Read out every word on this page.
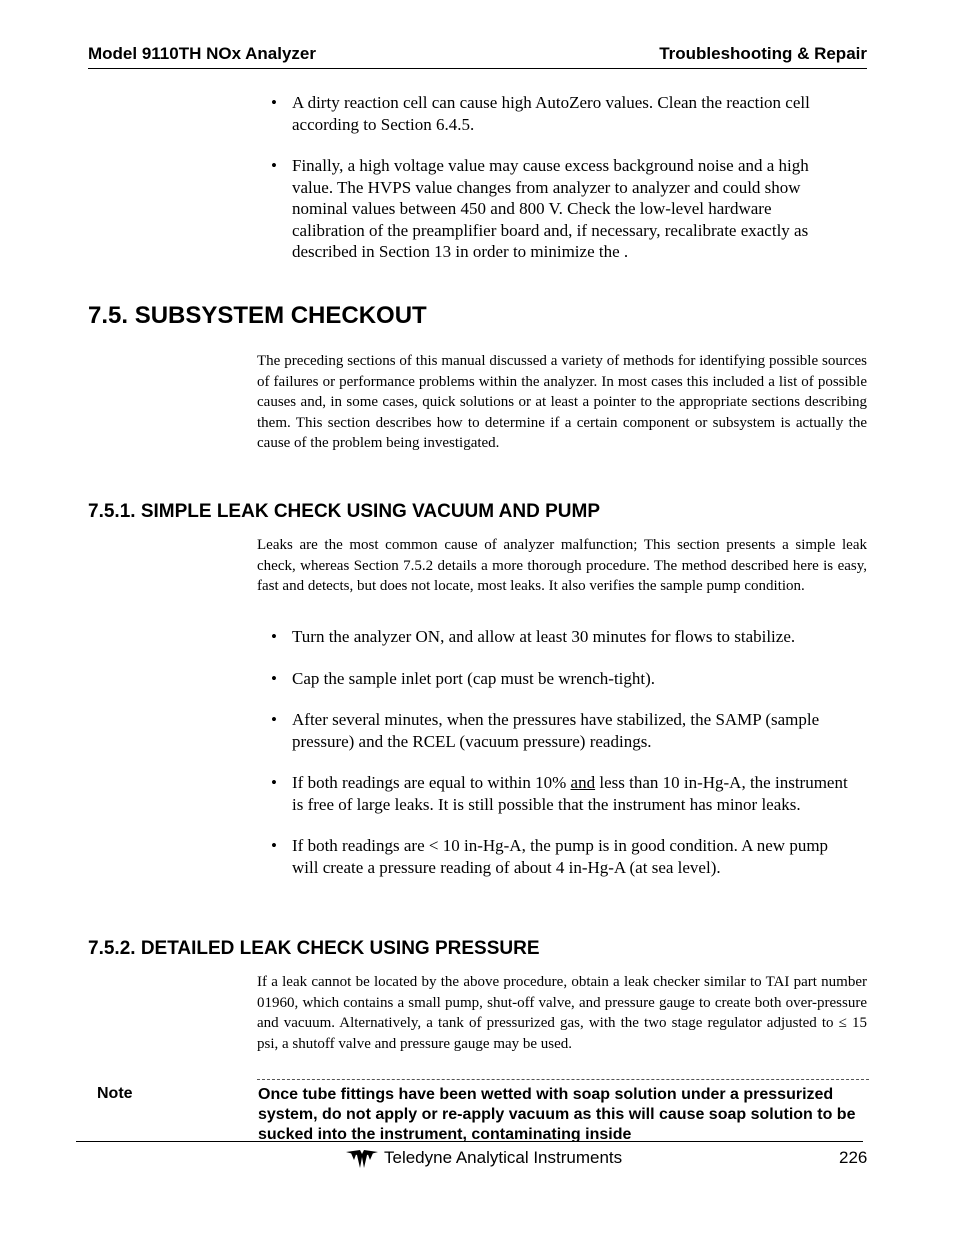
Model 9110TH NOx Analyzer	Troubleshooting & Repair
• A dirty reaction cell can cause high AutoZero values. Clean the reaction cell according to Section 6.4.5.
• Finally, a high voltage value may cause excess background noise and a high value. The HVPS value changes from analyzer to analyzer and could show nominal values between 450 and 800 V. Check the low-level hardware calibration of the preamplifier board and, if necessary, recalibrate exactly as described in Section 13 in order to minimize the .
7.5. SUBSYSTEM CHECKOUT

The preceding sections of this manual discussed a variety of methods for identifying possible sources of failures or performance problems within the analyzer. In most cases this included a list of possible causes and, in some cases, quick solutions or at least a pointer to the appropriate sections describing them. This section describes how to determine if a certain component or subsystem is actually the cause of the problem being investigated.

7.5.1. SIMPLE LEAK CHECK USING VACUUM AND PUMP

Leaks are the most common cause of analyzer malfunction; This section presents a simple leak check, whereas Section 7.5.2 details a more thorough procedure. The method described here is easy, fast and detects, but does not locate, most leaks. It also verifies the sample pump condition.

• Turn the analyzer ON, and allow at least 30 minutes for flows to stabilize.
• Cap the sample inlet port (cap must be wrench-tight).
• After several minutes, when the pressures have stabilized, the SAMP (sample pressure) and the RCEL (vacuum pressure) readings.
• If both readings are equal to within 10% and less than 10 in-Hg-A, the instrument is free of large leaks. It is still possible that the instrument has minor leaks.
• If both readings are < 10 in-Hg-A, the pump is in good condition. A new pump will create a pressure reading of about 4 in-Hg-A (at sea level).
7.5.2. DETAILED LEAK CHECK USING PRESSURE

If a leak cannot be located by the above procedure, obtain a leak checker similar to TAI part number 01960, which contains a small pump, shut-off valve, and pressure gauge to create both over-pressure and vacuum. Alternatively, a tank of pressurized gas, with the two stage regulator adjusted to ≤ 15 psi, a shutoff valve and pressure gauge may be used.

Note	Once tube fittings have been wetted with soap solution under a pressurized system, do not apply or re-apply vacuum as this will cause soap solution to be sucked into the instrument, contaminating inside
Teledyne Analytical Instruments	226
